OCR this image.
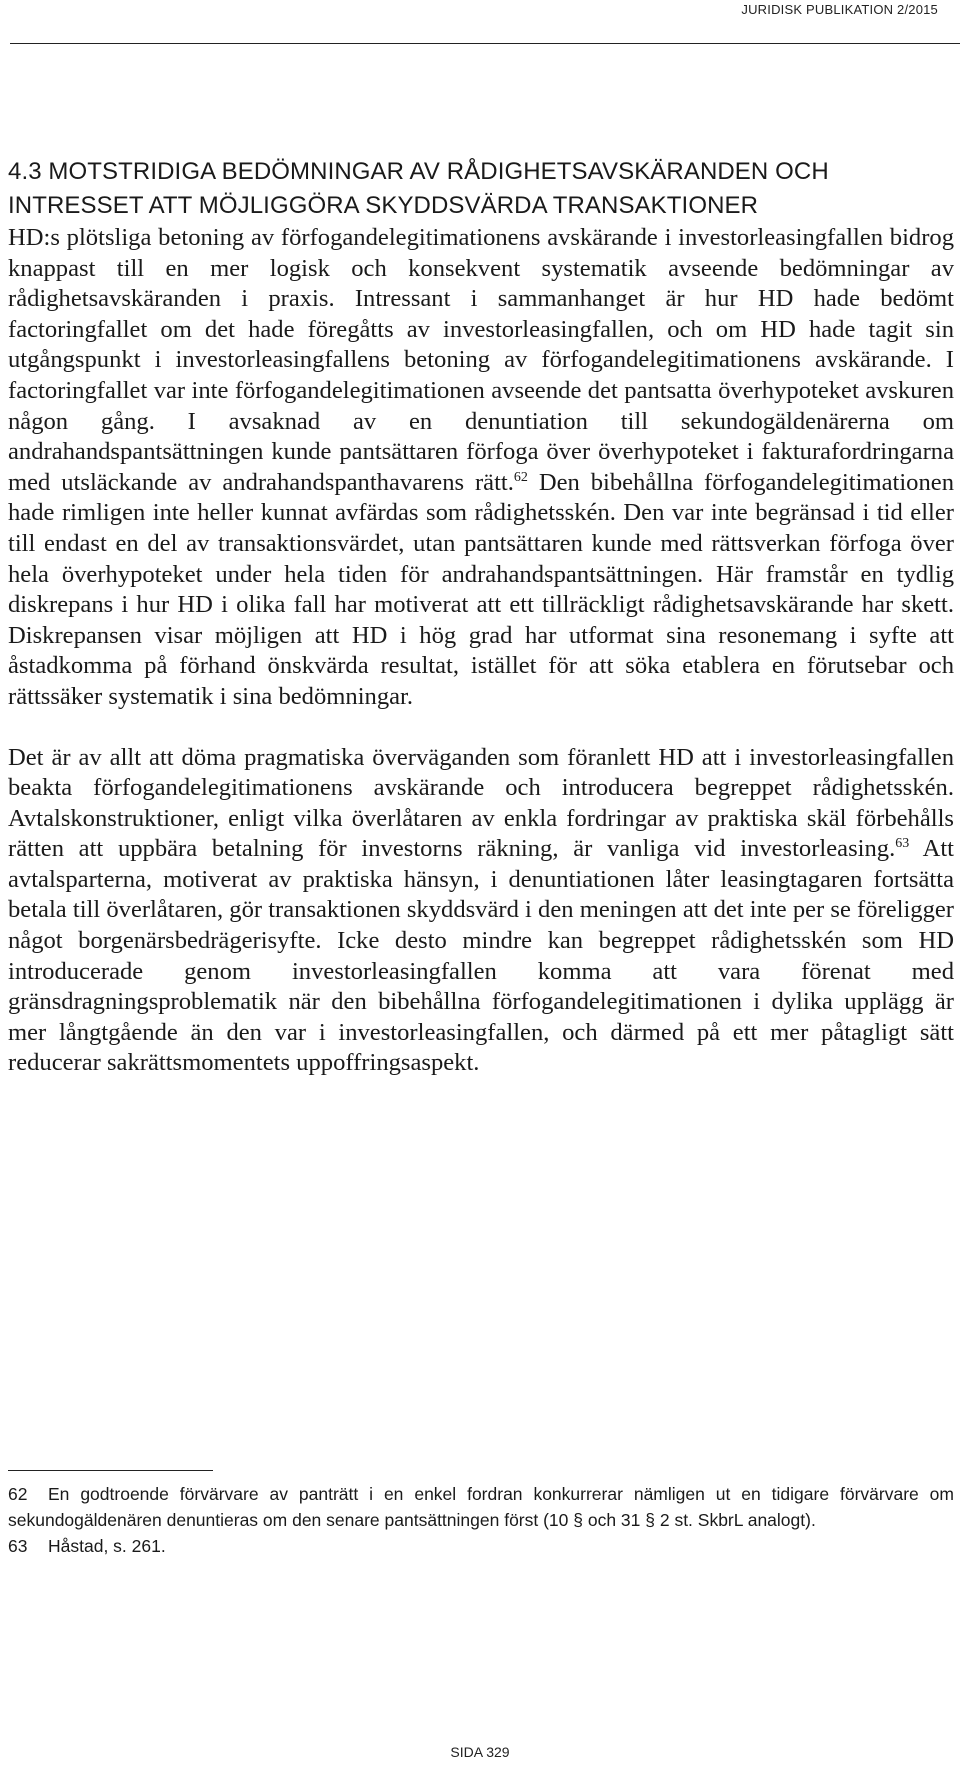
JURIDISK PUBLIKATION 2/2015
4.3 MOTSTRIDIGA BEDÖMNINGAR AV RÅDIGHETSAVSKÄRANDEN OCH
INTRESSET ATT MÖJLIGGÖRA SKYDDSVÄRDA TRANSAKTIONER

HD:s plötsliga betoning av förfogandelegitimationens avskärande i investorleasingfallen bidrog knappast till en mer logisk och konsekvent systematik avseende bedömningar av rådighetsavskäranden i praxis. Intressant i sammanhanget är hur HD hade bedömt factoringfallet om det hade föregåtts av investorleasingfallen, och om HD hade tagit sin utgångspunkt i investorleasingfallens betoning av förfogandelegitimationens avskärande. I factoringfallet var inte förfogandelegitimationen avseende det pantsatta överhypoteket avskuren någon gång. I avsaknad av en denuntiation till sekundogäldenärerna om andrahandspantsättningen kunde pantsättaren förfoga över överhypoteket i fakturafordringarna med utsläckande av andrahandspanthavarens rätt.$^{62}$ Den bibehållna förfogandelegitimationen hade rimligen inte heller kunnat avfärdas som rådighetsskén. Den var inte begränsad i tid eller till endast en del av transaktionsvärdet, utan pantsättaren kunde med rättsverkan förfoga över hela överhypoteket under hela tiden för andrahandspantsättningen. Här framstår en tydlig diskrepans i hur HD i olika fall har motiverat att ett tillräckligt rådighetsavskärande har skett. Diskrepansen visar möjligen att HD i hög grad har utformat sina resonemang i syfte att åstadkomma på förhand önskvärda resultat, istället för att söka etablera en förutsebar och rättssäker systematik i sina bedömningar.

Det är av allt att döma pragmatiska överväganden som föranlett HD att i investorleasingfallen beakta förfogandelegitimationens avskärande och introducera begreppet rådighetsskén. Avtalskonstruktioner, enligt vilka överlåtaren av enkla fordringar av praktiska skäl förbehålls rätten att uppbära betalning för investorns räkning, är vanliga vid investorleasing.$^{63}$ Att avtalsparterna, motiverat av praktiska hänsyn, i denuntiationen låter leasingtagaren fortsätta betala till överlåtaren, gör transaktionen skyddsvärd i den meningen att det inte per se föreligger något borgenärsbedrägerisyfte. Icke desto mindre kan begreppet rådighetsskén som HD introducerade genom investorleasingfallen komma att vara förenat med gränsdragningsproblematik när den bibehållna förfogandelegitimationen i dylika upplägg är mer långtgående än den var i investorleasingfallen, och därmed på ett mer påtagligt sätt reducerar sakrättsmomentets uppoffringsaspekt.

62 En godtroende förvärvare av panträtt i en enkel fordran konkurrerar nämligen ut en tidigare förvärvare om sekundogäldenären denuntieras om den senare pantsättningen först (10 § och 31 § 2 st. SkbrL analogt).

63 Håstad, s. 261.

SIDA 329
